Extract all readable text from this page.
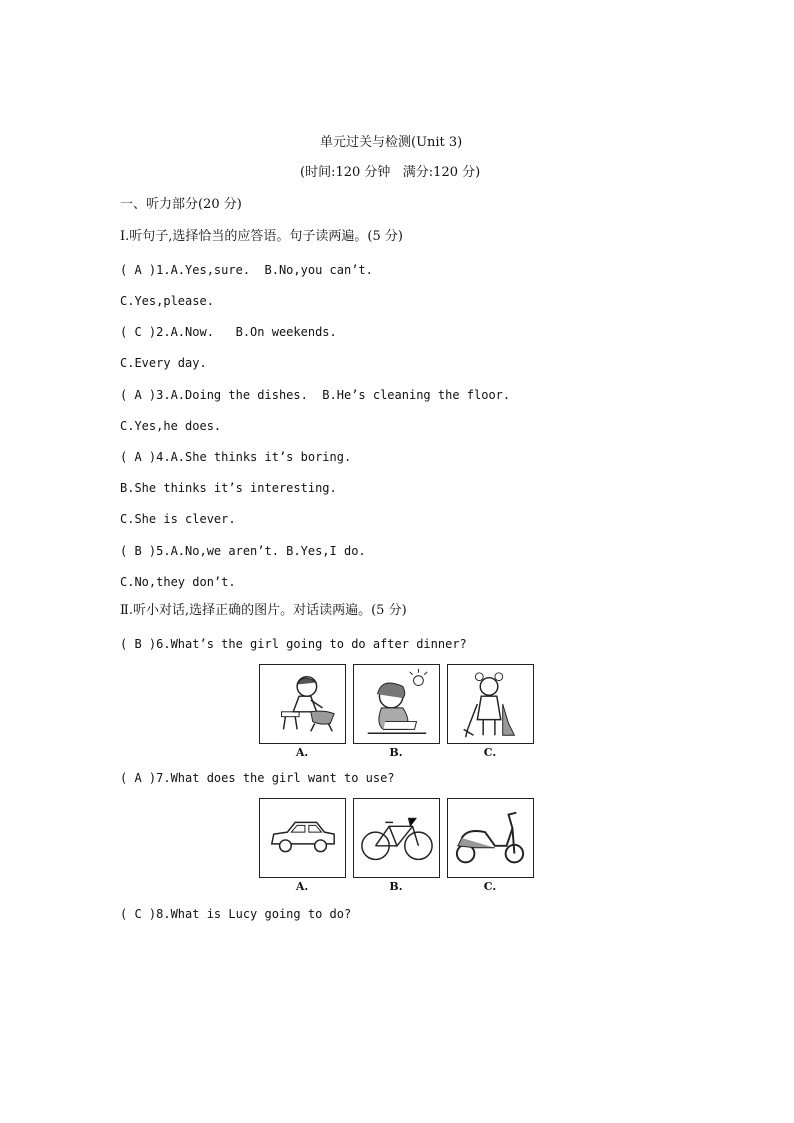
单元过关与检测(Unit 3)
(时间:120 分钟   满分:120 分)
一、听力部分(20 分)
Ⅰ.听句子,选择恰当的应答语。句子读两遍。(5 分)
( A )1.A.Yes,sure.  B.No,you can’t.
C.Yes,please.
( C )2.A.Now.   B.On weekends.
C.Every day.
( A )3.A.Doing the dishes.  B.He’s cleaning the floor.
C.Yes,he does.
( A )4.A.She thinks it’s boring.
B.She thinks it’s interesting.
C.She is clever.
( B )5.A.No,we aren’t. B.Yes,I do.
C.No,they don’t.
Ⅱ.听小对话,选择正确的图片。对话读两遍。(5 分)
( B )6.What’s the girl going to do after dinner?
A.	B.	C.
( A )7.What does the girl want to use?
A.	B.	C.
( C )8.What is Lucy going to do?
